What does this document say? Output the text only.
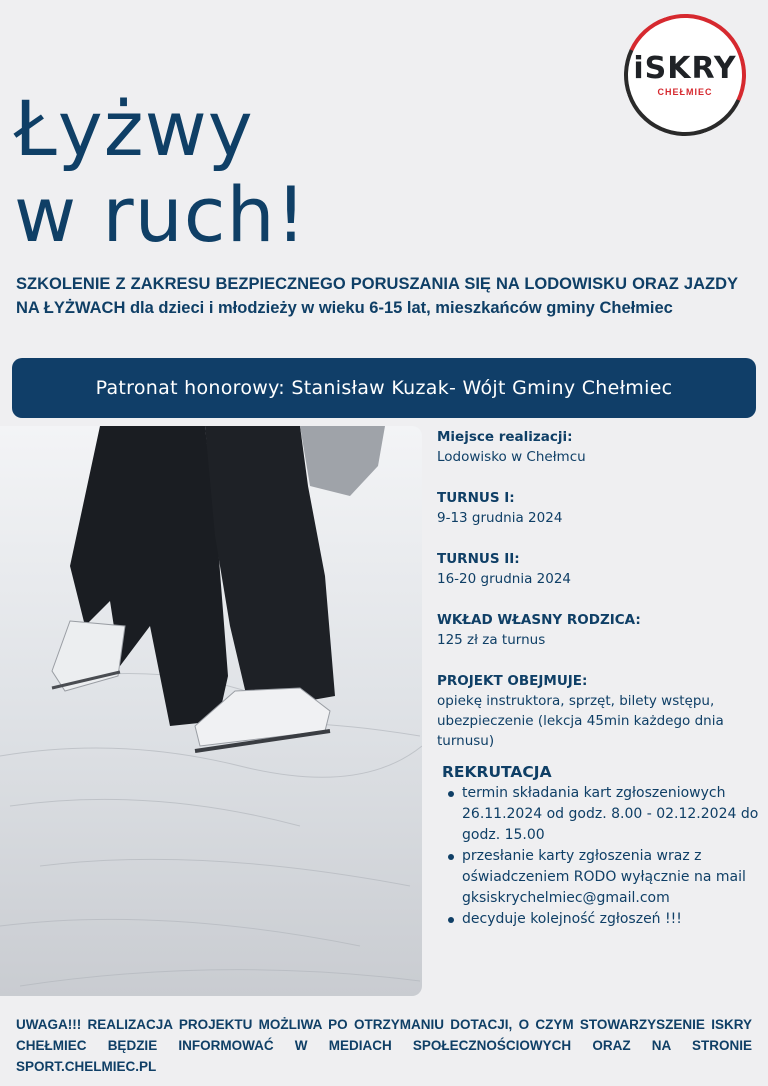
iSKRY
CHEŁMIEC
Łyżwy
w ruch!

SZKOLENIE Z ZAKRESU BEZPIECZNEGO PORUSZANIA SIĘ NA LODOWISKU ORAZ JAZDY NA ŁYŻWACH dla dzieci i młodzieży w wieku 6-15 lat, mieszkańców gminy Chełmiec

Patronat honorowy: Stanisław Kuzak- Wójt Gminy Chełmiec
Miejsce realizacji:
Lodowisko w Chełmcu
TURNUS I:
9-13 grudnia 2024
TURNUS II:
16-20 grudnia 2024
WKŁAD WŁASNY RODZICA:
125 zł za turnus
PROJEKT OBEJMUJE:
opiekę instruktora, sprzęt, bilety wstępu, ubezpieczenie (lekcja 45min każdego dnia turnusu)
REKRUTACJA
termin składania kart zgłoszeniowych 26.11.2024 od godz. 8.00 - 02.12.2024 do godz. 15.00
przesłanie karty zgłoszenia wraz z oświadczeniem RODO wyłącznie na mail gksiskrychelmiec@gmail.com
decyduje kolejność zgłoszeń !!!

UWAGA!!! REALIZACJA PROJEKTU MOŻLIWA PO OTRZYMANIU DOTACJI, O CZYM STOWARZYSZENIE ISKRY CHEŁMIEC BĘDZIE INFORMOWAĆ W MEDIACH SPOŁECZNOŚCIOWYCH ORAZ NA STRONIE SPORT.CHELMIEC.PL
